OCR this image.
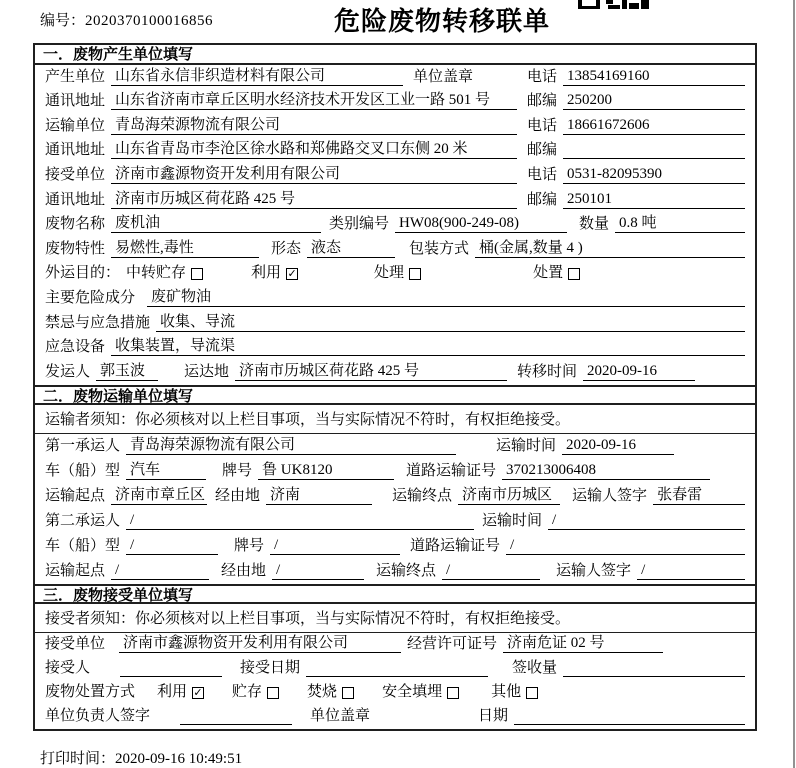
编号：2020370100016856	危险废物转移联单
一．废物产生单位填写
产生单位 山东省永信非织造材料有限公司	单位盖章	电话 13854169160
通讯地址 山东省济南市章丘区明水经济技术开发区工业一路 501 号	邮编 250200
运输单位 青岛海荣源物流有限公司	电话 18661672606
通讯地址 山东省青岛市李沧区徐水路和郑佛路交叉口东侧 20 米	邮编
接受单位 济南市鑫源物资开发利用有限公司	电话 0531-82095390
通讯地址 济南市历城区荷花路 425 号	邮编 250101
废物名称 废机油	类别编号 HW08(900-249-08)	数量 0.8 吨
废物特性 易燃性,毒性	形态 液态	包装方式 桶(金属,数量 4 )
外运目的： 中转贮存	利用 ✓	处理	处置
主要危险成分 废矿物油
禁忌与应急措施 收集、导流
应急设备 收集装置，导流渠
发运人 郭玉波	运达地 济南市历城区荷花路 425 号	转移时间 2020-09-16
二．废物运输单位填写
运输者须知：你必须核对以上栏目事项，当与实际情况不符时，有权拒绝接受。
第一承运人 青岛海荣源物流有限公司	运输时间 2020-09-16
车（船）型 汽车	牌号 鲁 UK8120	道路运输证号 370213006408
运输起点 济南市章丘区 经由地 济南	运输终点 济南市历城区	运输人签字 张春雷
第二承运人 /	运输时间 /
车（船）型 /	牌号 /	道路运输证号 /
运输起点 /	经由地 /	运输终点 /	运输人签字 /
三．废物接受单位填写
接受者须知：你必须核对以上栏目事项，当与实际情况不符时，有权拒绝接受。
接受单位 济南市鑫源物资开发利用有限公司	经营许可证号 济南危证 02 号
接受人	接受日期	签收量
废物处置方式 利用 ✓ 贮存	焚烧	安全填埋	其他
单位负责人签字	单位盖章	日期
打印时间：2020-09-16 10:49:51
